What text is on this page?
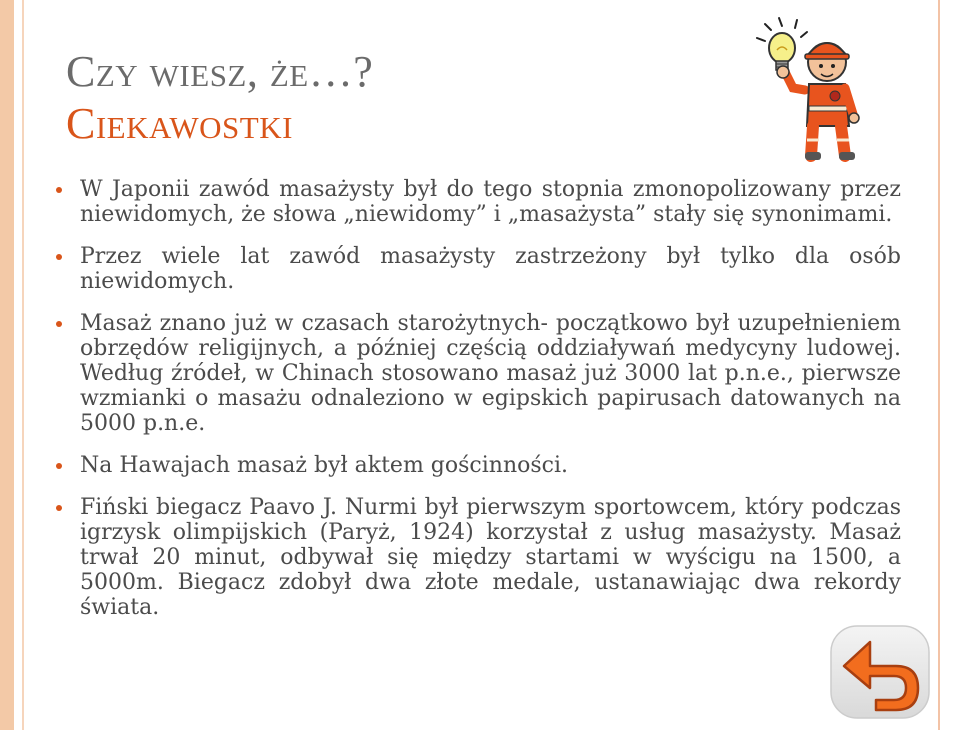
Czy wiesz, że…?
Ciekawostki
W Japonii zawód masażysty był do tego stopnia zmonopolizowany przez niewidomych, że słowa „niewidomy” i „masażysta” stały się synonimami.
Przez wiele lat zawód masażysty zastrzeżony był tylko dla osób niewidomych.
Masaż znano już w czasach starożytnych- początkowo był uzupełnieniem obrzędów religijnych, a później częścią oddziaływań medycyny ludowej. Według źródeł, w Chinach stosowano masaż już 3000 lat p.n.e., pierwsze wzmianki o masażu odnaleziono w egipskich papirusach datowanych na 5000 p.n.e.
Na Hawajach masaż był aktem gościnności.
Fiński biegacz Paavo J. Nurmi był pierwszym sportowcem, który podczas igrzysk olimpijskich (Paryż, 1924) korzystał z usług masażysty. Masaż trwał 20 minut, odbywał się między startami w wyścigu na 1500, a 5000m. Biegacz zdobył dwa złote medale, ustanawiając dwa rekordy świata.
